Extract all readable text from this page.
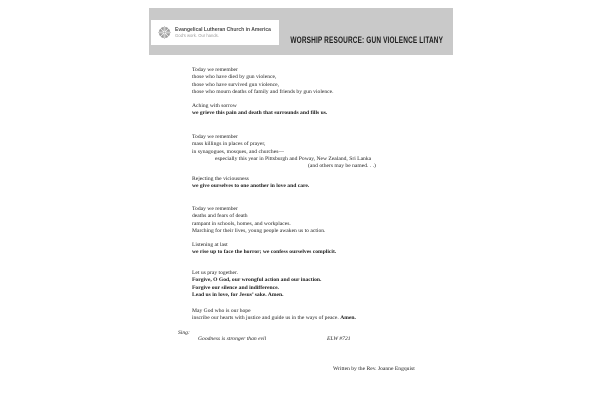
Evangelical Lutheran Church in America
God’s work. Our hands.	WORSHIP RESOURCE: GUN VIOLENCE LITANY
Today we remember
those who have died by gun violence,
those who have survived gun violence,
those who mourn deaths of family and friends by gun violence.
Aching with sorrow
we grieve this pain and death that surrounds and fills us.
Today we remember
mass killings in places of prayer,
in synagogues, mosques, and churches—
especially this year in Pittsburgh and Poway, New Zealand, Sri Lanka
(and others may be named. . .)
Rejecting the viciousness
we give ourselves to one another in love and care.
Today we remember
deaths and fears of death
rampant in schools, homes, and workplaces.
Marching for their lives, young people awaken us to action.
Listening at last
we rise up to face the horror; we confess ourselves complicit.
Let us pray together.
Forgive, O God, our wrongful action and our inaction.
Forgive our silence and indifference.
Lead us in love, for Jesus’ sake. Amen.
May God who is our hope
inscribe our hearts with justice and guide us in the ways of peace. Amen.
Sing:
Goodness is stronger than evil	ELW #721
Written by the Rev. Joanne Engquist
